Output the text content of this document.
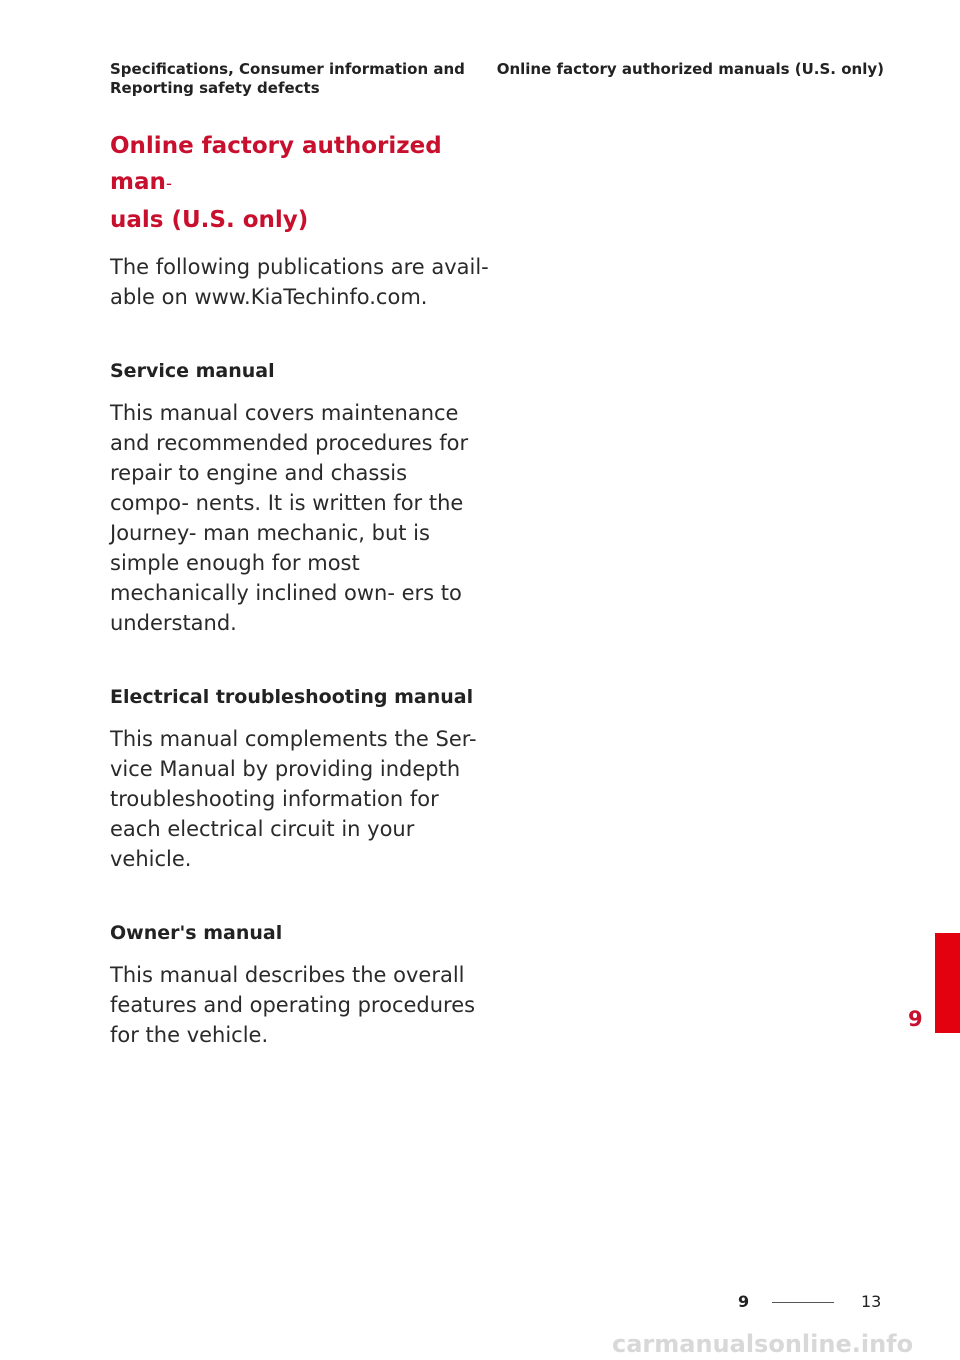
Specifications, Consumer information and
Reporting safety defects
Online factory authorized manuals (U.S. only)
Online factory authorized man-
uals (U.S. only)

The following publications are avail- able on www.KiaTechinfo.com.

Service manual

This manual covers maintenance and recommended procedures for repair to engine and chassis compo- nents. It is written for the Journey- man mechanic, but is simple enough for most mechanically inclined own- ers to understand.

Electrical troubleshooting manual

This manual complements the Ser- vice Manual by providing indepth troubleshooting information for each electrical circuit in your vehicle.

Owner's manual

This manual describes the overall features and operating procedures for the vehicle.

9
9	13
carmanualsonline.info
